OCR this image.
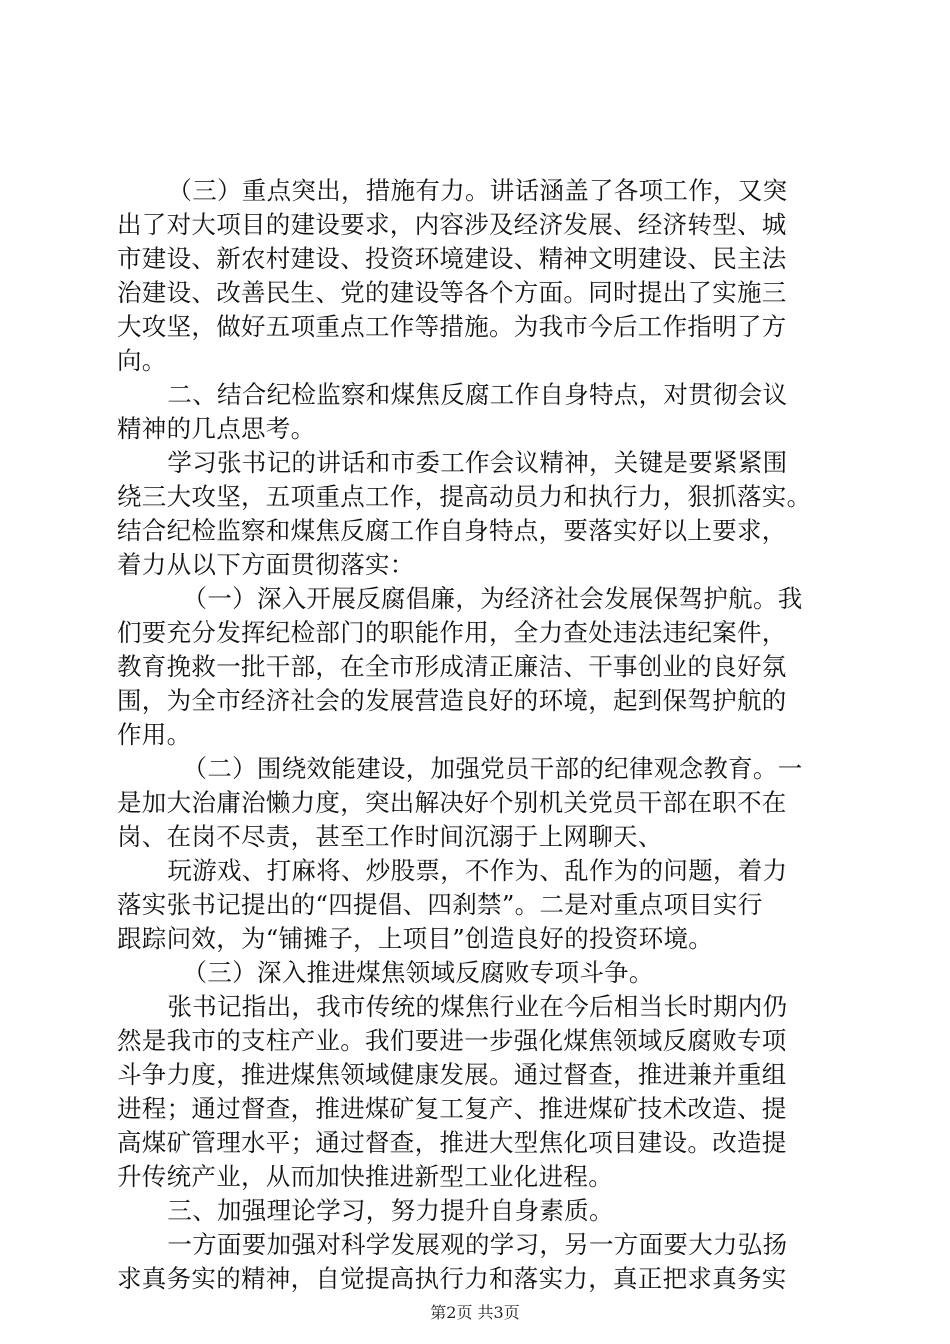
（三）重点突出，措施有力。讲话涵盖了各项工作，又突
出了对大项目的建设要求，内容涉及经济发展、经济转型、城
市建设、新农村建设、投资环境建设、精神文明建设、民主法
治建设、改善民生、党的建设等各个方面。同时提出了实施三
大攻坚，做好五项重点工作等措施。为我市今后工作指明了方
向。
二、结合纪检监察和煤焦反腐工作自身特点，对贯彻会议
精神的几点思考。
学习张书记的讲话和市委工作会议精神，关键是要紧紧围
绕三大攻坚，五项重点工作，提高动员力和执行力，狠抓落实。
结合纪检监察和煤焦反腐工作自身特点，要落实好以上要求，
着力从以下方面贯彻落实：
（一）深入开展反腐倡廉，为经济社会发展保驾护航。我
们要充分发挥纪检部门的职能作用，全力查处违法违纪案件，
教育挽救一批干部，在全市形成清正廉洁、干事创业的良好氛
围，为全市经济社会的发展营造良好的环境，起到保驾护航的
作用。
（二）围绕效能建设，加强党员干部的纪律观念教育。一
是加大治庸治懒力度，突出解决好个别机关党员干部在职不在
岗、在岗不尽责，甚至工作时间沉溺于上网聊天、
玩游戏、打麻将、炒股票，不作为、乱作为的问题，着力
落实张书记提出的“四提倡、四刹禁”。二是对重点项目实行
跟踪问效，为“铺摊子，上项目”创造良好的投资环境。
（三）深入推进煤焦领域反腐败专项斗争。
张书记指出，我市传统的煤焦行业在今后相当长时期内仍
然是我市的支柱产业。我们要进一步强化煤焦领域反腐败专项
斗争力度，推进煤焦领域健康发展。通过督查，推进兼并重组
进程；通过督查，推进煤矿复工复产、推进煤矿技术改造、提
高煤矿管理水平；通过督查，推进大型焦化项目建设。改造提
升传统产业，从而加快推进新型工业化进程。
三、加强理论学习，努力提升自身素质。
一方面要加强对科学发展观的学习，另一方面要大力弘扬
求真务实的精神，自觉提高执行力和落实力，真正把求真务实
第2页 共3页
